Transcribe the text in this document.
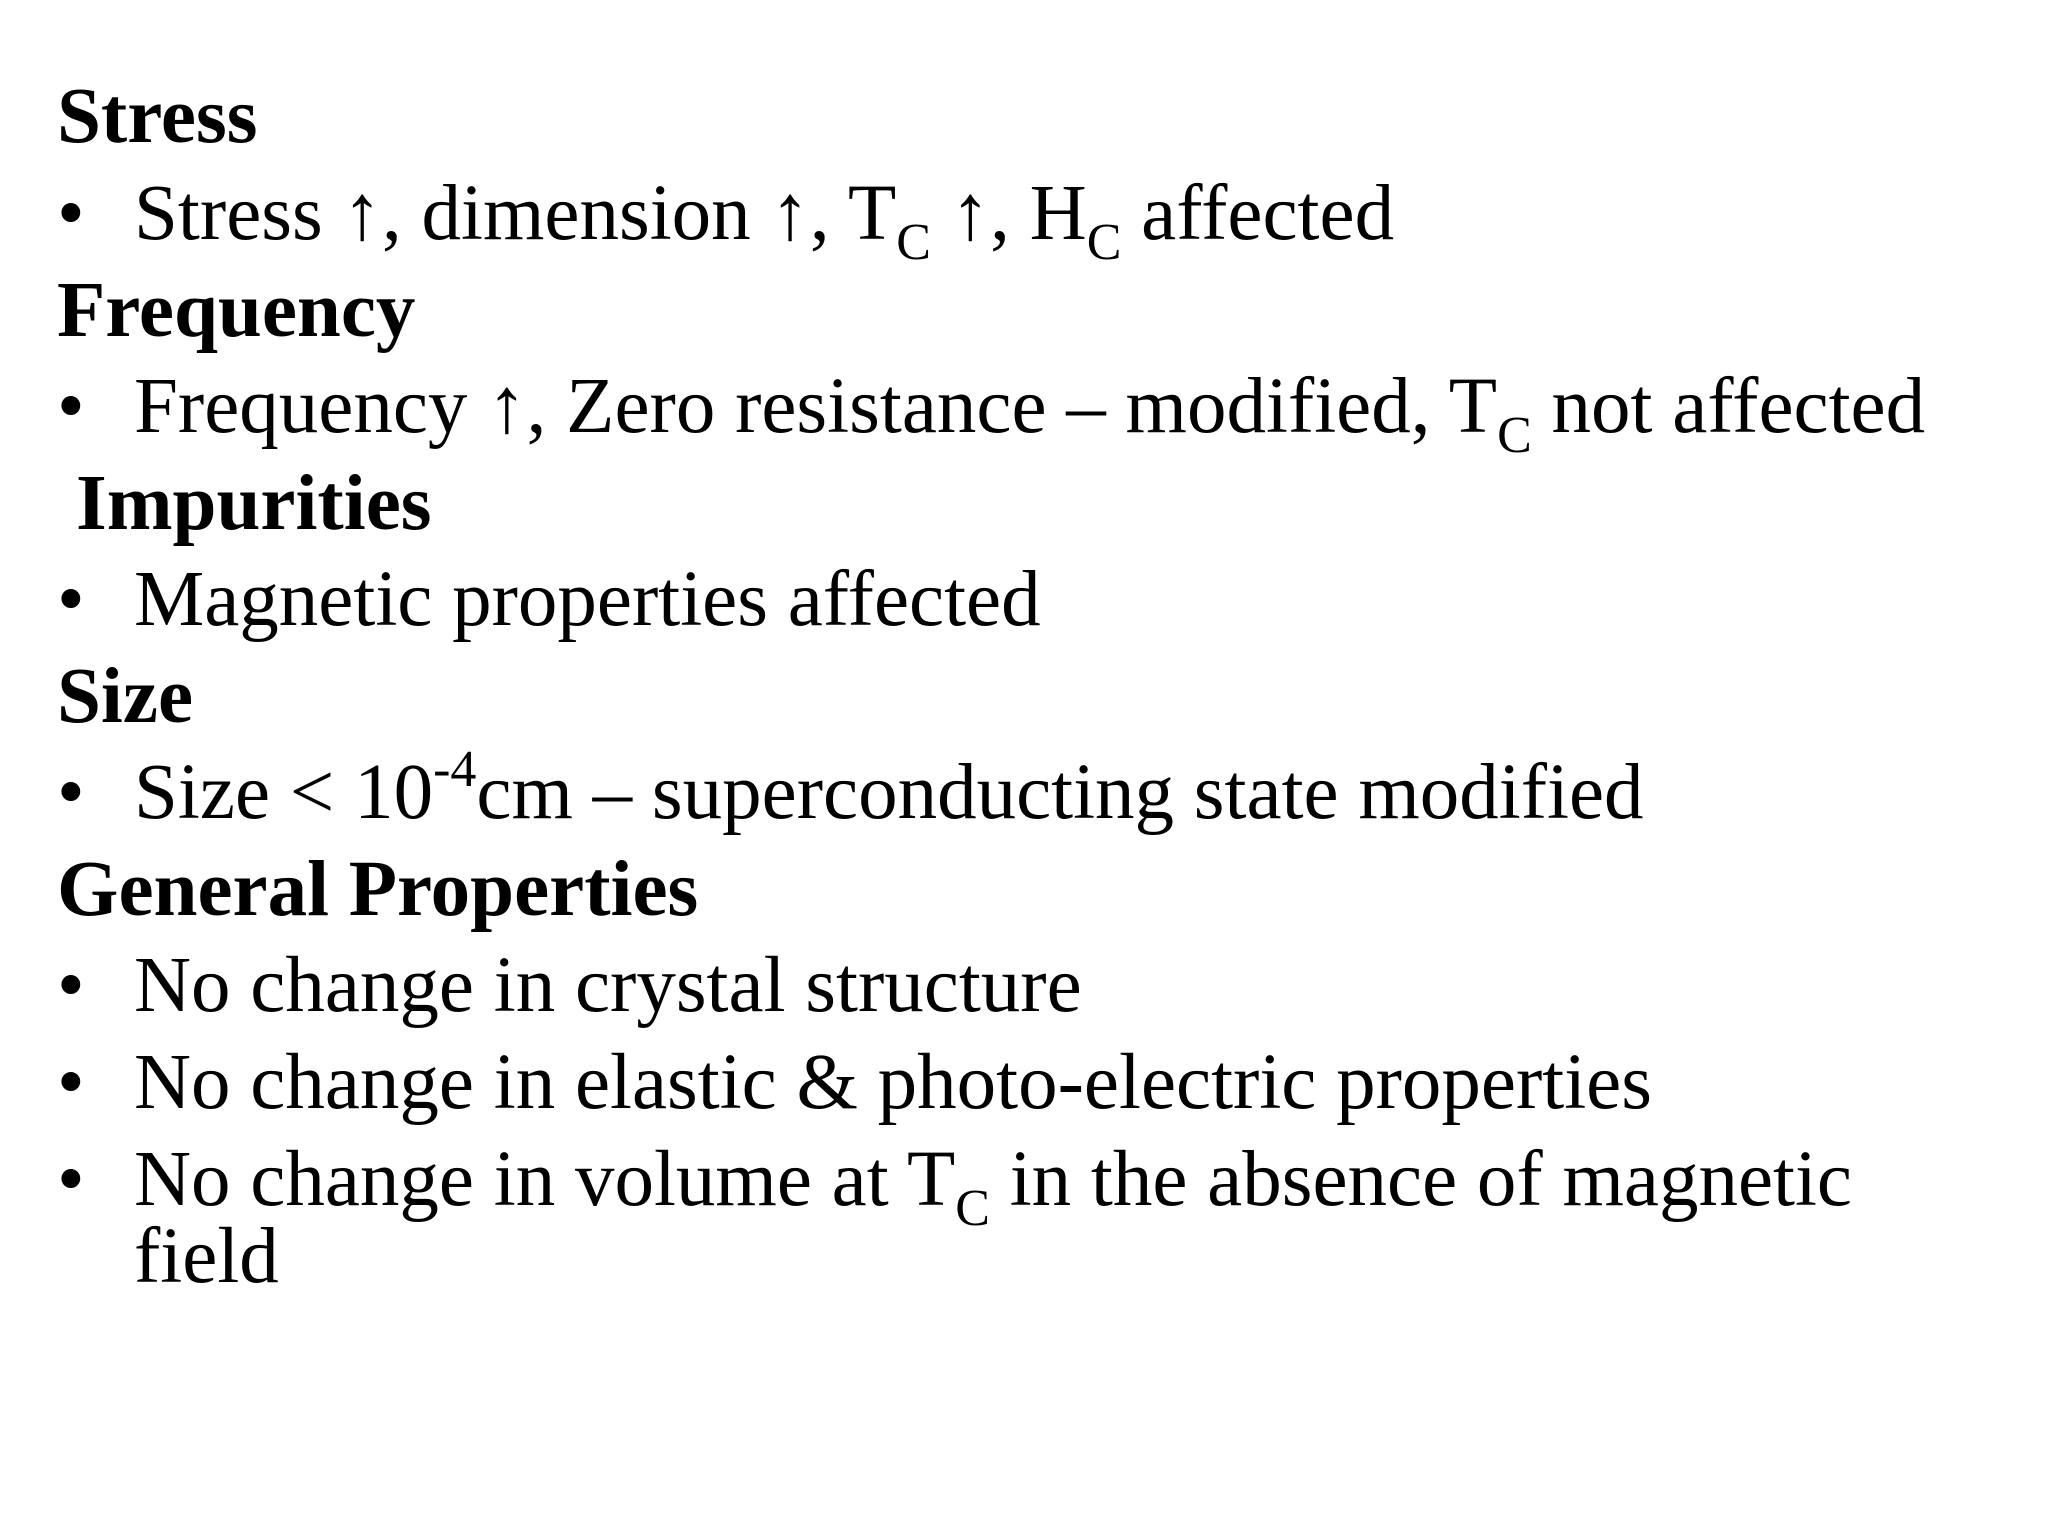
Stress
• Stress ↑, dimension ↑, $T_C$ ↑, $H_C$ affected
Frequency
• Frequency ↑, Zero resistance – modified, $T_C$ not affected
Impurities
• Magnetic properties affected
Size
• Size < $10^{-4}cm$ – superconducting state modified
General Properties
• No change in crystal structure
• No change in elastic & photo-electric properties
• No change in volume at $T_C$ in the absence of magnetic
field
